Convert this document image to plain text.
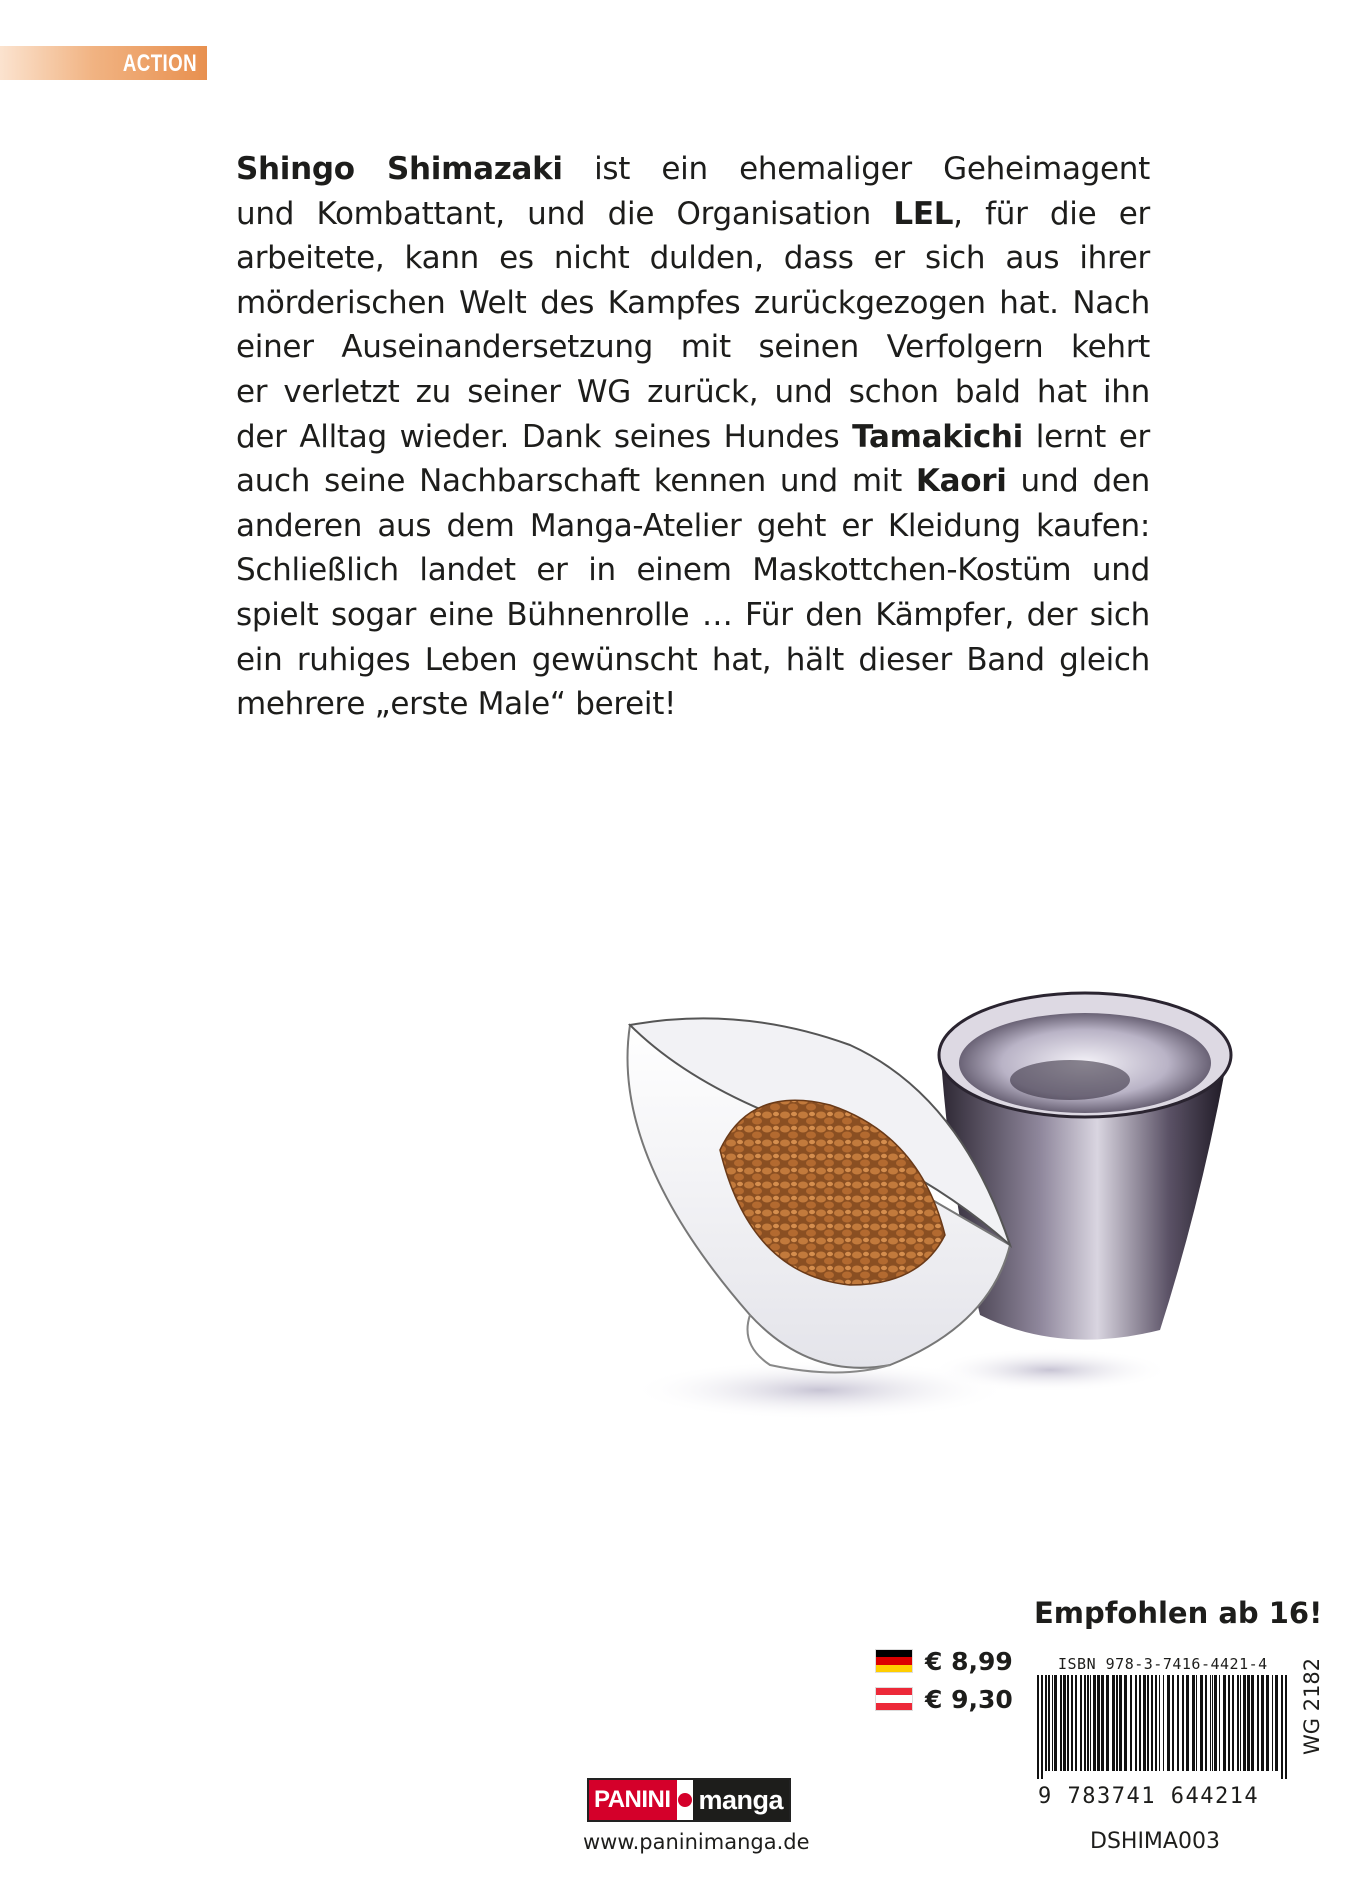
ACTION
Shingo Shimazaki ist ein ehemaliger Geheimagent
und Kombattant, und die Organisation LEL, für die er
arbeitete, kann es nicht dulden, dass er sich aus ihrer
mörderischen Welt des Kampfes zurückgezogen hat. Nach
einer Auseinandersetzung mit seinen Verfolgern kehrt
er verletzt zu seiner WG zurück, und schon bald hat ihn
der Alltag wieder. Dank seines Hundes Tamakichi lernt er
auch seine Nachbarschaft kennen und mit Kaori und den
anderen aus dem Manga-Atelier geht er Kleidung kaufen:
Schließlich landet er in einem Maskottchen-Kostüm und
spielt sogar eine Bühnenrolle … Für den Kämpfer, der sich
ein ruhiges Leben gewünscht hat, hält dieser Band gleich
mehrere „erste Male“ bereit!
Empfohlen ab 16!
€ 8,99
€ 9,30
ISBN 978-3-7416-4421-4
9 783741 644214
WG 2182
DSHIMA003
PANINI manga
www.paninimanga.de
